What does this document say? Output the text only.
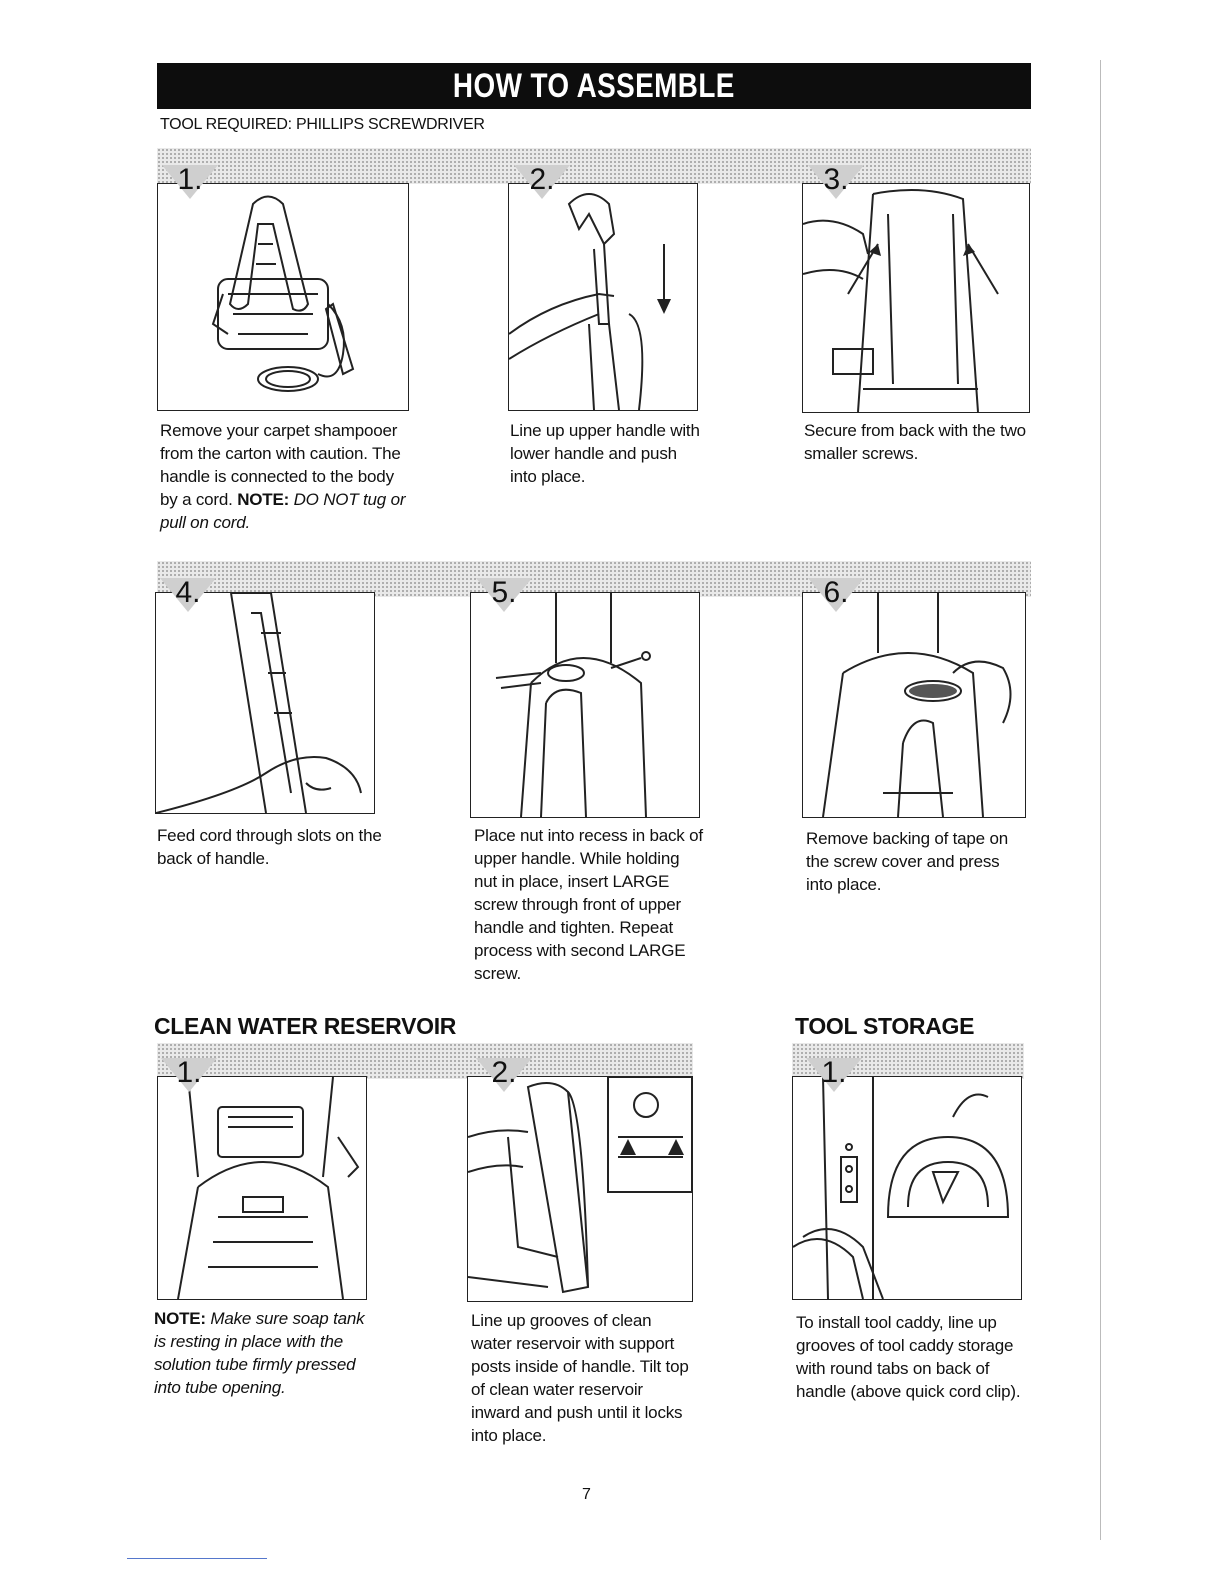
HOW TO ASSEMBLE
TOOL REQUIRED: PHILLIPS SCREWDRIVER
1.
Remove your carpet shampooer from the carton with caution. The handle is connected to the body by a cord. NOTE: DO NOT tug or pull on cord.
2.
Line up upper handle with lower handle and push into place.
3.
Secure from back with the two smaller screws.
4.
Feed cord through slots on the back of handle.
5.
Place nut into recess in back of upper handle. While holding nut in place, insert LARGE screw through front of upper handle and tighten. Repeat process with second LARGE screw.
6.
Remove backing of tape on the screw cover and press into place.
CLEAN WATER RESERVOIR	TOOL STORAGE
1.
NOTE: Make sure soap tank is resting in place with the solution tube firmly pressed into tube opening.
2.
Line up grooves of clean water reservoir with support posts inside of handle. Tilt top of clean water reservoir inward and push until it locks into place.
1.
To install tool caddy, line up grooves of tool caddy storage with round tabs on back of handle (above quick cord clip).
7
